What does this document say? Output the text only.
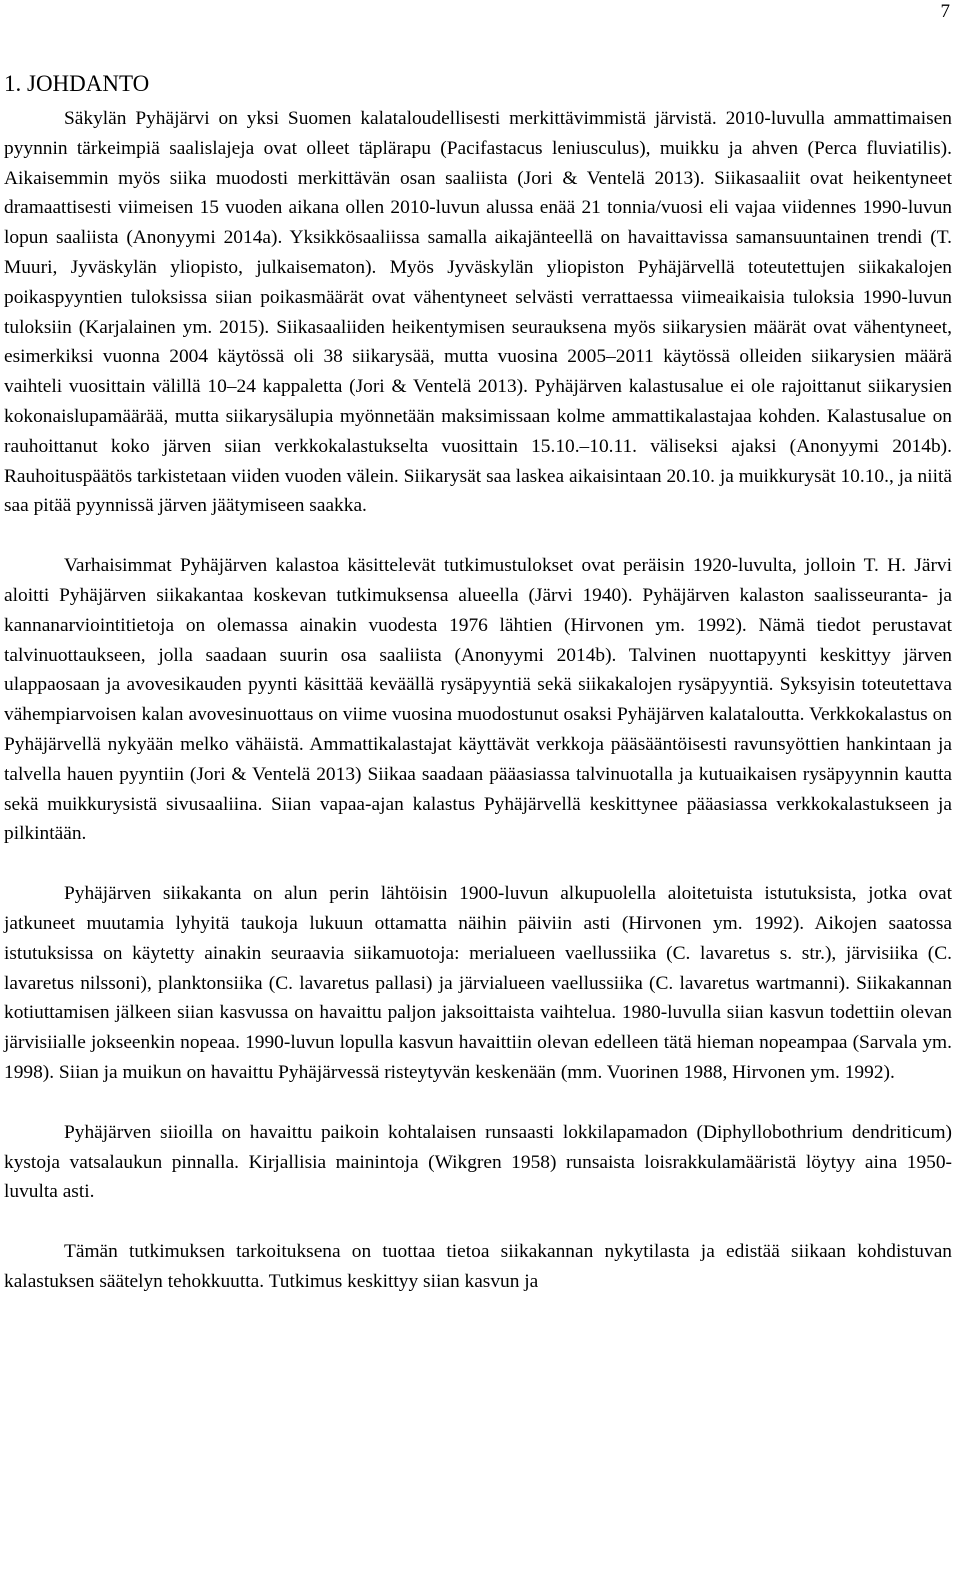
7
1. JOHDANTO

Säkylän Pyhäjärvi on yksi Suomen kalataloudellisesti merkittävimmistä järvistä. 2010-luvulla ammattimaisen pyynnin tärkeimpiä saalislajeja ovat olleet täplärapu (Pacifastacus leniusculus), muikku ja ahven (Perca fluviatilis). Aikaisemmin myös siika muodosti merkittävän osan saaliista (Jori & Ventelä 2013). Siikasaaliit ovat heikentyneet dramaattisesti viimeisen 15 vuoden aikana ollen 2010-luvun alussa enää 21 tonnia/vuosi eli vajaa viidennes 1990-luvun lopun saaliista (Anonyymi 2014a). Yksikkösaaliissa samalla aikajänteellä on havaittavissa samansuuntainen trendi (T. Muuri, Jyväskylän yliopisto, julkaisematon). Myös Jyväskylän yliopiston Pyhäjärvellä toteutettujen siikakalojen poikaspyyntien tuloksissa siian poikasmäärät ovat vähentyneet selvästi verrattaessa viimeaikaisia tuloksia 1990-luvun tuloksiin (Karjalainen ym. 2015). Siikasaaliiden heikentymisen seurauksena myös siikarysien määrät ovat vähentyneet, esimerkiksi vuonna 2004 käytössä oli 38 siikarysää, mutta vuosina 2005–2011 käytössä olleiden siikarysien määrä vaihteli vuosittain välillä 10–24 kappaletta (Jori & Ventelä 2013). Pyhäjärven kalastusalue ei ole rajoittanut siikarysien kokonaislupamäärää, mutta siikarysälupia myönnetään maksimissaan kolme ammattikalastajaa kohden. Kalastusalue on rauhoittanut koko järven siian verkkokalastukselta vuosittain 15.10.–10.11. väliseksi ajaksi (Anonyymi 2014b). Rauhoituspäätös tarkistetaan viiden vuoden välein. Siikarysät saa laskea aikaisintaan 20.10. ja muikkurysät 10.10., ja niitä saa pitää pyynnissä järven jäätymiseen saakka.

Varhaisimmat Pyhäjärven kalastoa käsittelevät tutkimustulokset ovat peräisin 1920-luvulta, jolloin T. H. Järvi aloitti Pyhäjärven siikakantaa koskevan tutkimuksensa alueella (Järvi 1940). Pyhäjärven kalaston saalisseuranta- ja kannanarviointitietoja on olemassa ainakin vuodesta 1976 lähtien (Hirvonen ym. 1992). Nämä tiedot perustavat talvinuottaukseen, jolla saadaan suurin osa saaliista (Anonyymi 2014b). Talvinen nuottapyynti keskittyy järven ulappaosaan ja avovesikauden pyynti käsittää keväällä rysäpyyntiä sekä siikakalojen rysäpyyntiä. Syksyisin toteutettava vähempiarvoisen kalan avovesinuottaus on viime vuosina muodostunut osaksi Pyhäjärven kalataloutta. Verkkokalastus on Pyhäjärvellä nykyään melko vähäistä. Ammattikalastajat käyttävät verkkoja pääsääntöisesti ravunsyöttien hankintaan ja talvella hauen pyyntiin (Jori & Ventelä 2013) Siikaa saadaan pääasiassa talvinuotalla ja kutuaikaisen rysäpyynnin kautta sekä muikkurysistä sivusaaliina. Siian vapaa-ajan kalastus Pyhäjärvellä keskittynee pääasiassa verkkokalastukseen ja pilkintään.

Pyhäjärven siikakanta on alun perin lähtöisin 1900-luvun alkupuolella aloitetuista istutuksista, jotka ovat jatkuneet muutamia lyhyitä taukoja lukuun ottamatta näihin päiviin asti (Hirvonen ym. 1992). Aikojen saatossa istutuksissa on käytetty ainakin seuraavia siikamuotoja: merialueen vaellussiika (C. lavaretus s. str.), järvisiika (C. lavaretus nilssoni), planktonsiika (C. lavaretus pallasi) ja järvialueen vaellussiika (C. lavaretus wartmanni). Siikakannan kotiuttamisen jälkeen siian kasvussa on havaittu paljon jaksoittaista vaihtelua. 1980-luvulla siian kasvun todettiin olevan järvisiialle jokseenkin nopeaa. 1990-luvun lopulla kasvun havaittiin olevan edelleen tätä hieman nopeampaa (Sarvala ym. 1998). Siian ja muikun on havaittu Pyhäjärvessä risteytyvän keskenään (mm. Vuorinen 1988, Hirvonen ym. 1992).

Pyhäjärven siioilla on havaittu paikoin kohtalaisen runsaasti lokkilapamadon (Diphyllobothrium dendriticum) kystoja vatsalaukun pinnalla. Kirjallisia mainintoja (Wikgren 1958) runsaista loisrakkulamääristä löytyy aina 1950-luvulta asti.

Tämän tutkimuksen tarkoituksena on tuottaa tietoa siikakannan nykytilasta ja edistää siikaan kohdistuvan kalastuksen säätelyn tehokkuutta. Tutkimus keskittyy siian kasvun ja
